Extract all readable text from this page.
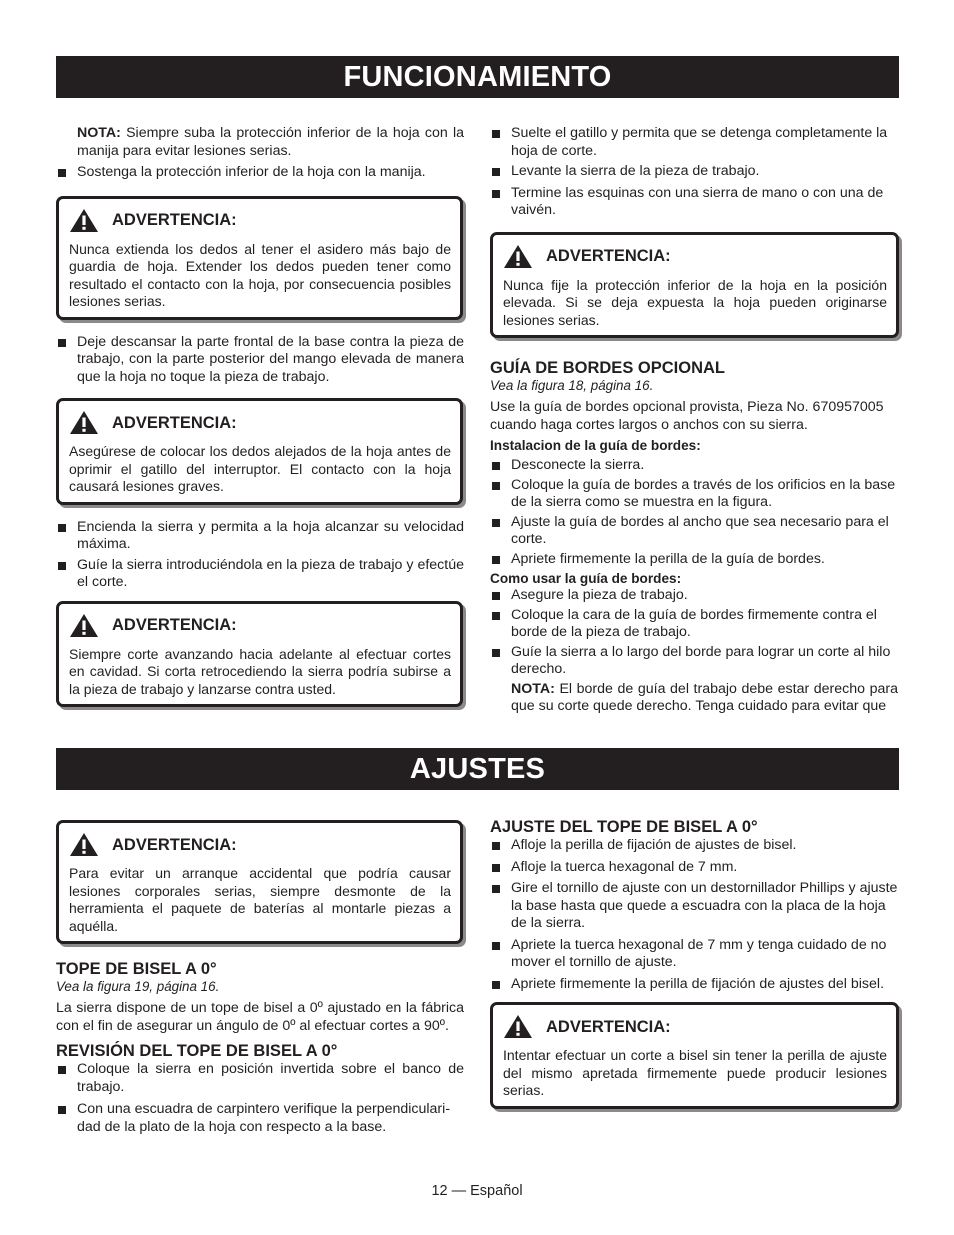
FUNCIONAMIENTO

NOTA: Siempre suba la protección inferior de la hoja con la manija para evitar lesiones serias.

Sostenga la protección inferior de la hoja con la manija.

ADVERTENCIA:

Nunca extienda los dedos al tener el asidero más bajo de guardia de hoja. Extender los dedos pueden tener como resultado el contacto con la hoja, por consecuencia posibles lesiones serias.

Deje descansar la parte frontal de la base contra la pieza de trabajo, con la parte posterior del mango elevada de manera que la hoja no toque la pieza de trabajo.

ADVERTENCIA:

Asegúrese de colocar los dedos alejados de la hoja antes de oprimir el gatillo del interruptor. El contacto con la hoja causará lesiones graves.

Encienda la sierra y permita a la hoja alcanzar su velocidad máxima.

Guíe la sierra introduciéndola en la pieza de trabajo y efectúe el corte.

ADVERTENCIA:

Siempre corte avanzando hacia adelante al efectuar cortes en cavidad. Si corta retrocediendo la sierra podría subirse a la pieza de trabajo y lanzarse contra usted.

Suelte el gatillo y permita que se detenga completamente la hoja de corte.

Levante la sierra de la pieza de trabajo.

Termine las esquinas con una sierra de mano o con una de vaivén.

ADVERTENCIA:

Nunca fije la protección inferior de la hoja en la posición elevada. Si se deja expuesta la hoja pueden originarse lesiones serias.

GUÍA DE BORDES OPCIONAL

Vea la figura 18, página 16.

Use la guía de bordes opcional provista, Pieza No. 670957005 cuando haga cortes largos o anchos con su sierra.

Instalacion de la guía de bordes:

Desconecte la sierra.

Coloque la guía de bordes a través de los orificios en la base de la sierra como se muestra en la figura.

Ajuste la guía de bordes al ancho que sea necesario para el corte.

Apriete firmemente la perilla de la guía de bordes.

Como usar la guía de bordes:

Asegure la pieza de trabajo.

Coloque la cara de la guía de bordes firmemente contra el borde de la pieza de trabajo.

Guíe la sierra a lo largo del borde para lograr un corte al hilo derecho.

NOTA: El borde de guía del trabajo debe estar derecho para que su corte quede derecho. Tenga cuidado para evitar que

AJUSTES
ADVERTENCIA:

Para evitar un arranque accidental que podría causar lesiones corporales serias, siempre desmonte de la herramienta el paquete de baterías al montarle piezas a aquélla.

TOPE DE BISEL A 0°

Vea la figura 19, página 16.

La sierra dispone de un tope de bisel a 0º ajustado en la fábrica con el fin de asegurar un ángulo de 0º al efectuar cortes a 90º.

REVISIÓN DEL TOPE DE BISEL A 0°

Coloque la sierra en posición invertida sobre el banco de trabajo.

Con una escuadra de carpintero verifique la perpendiculari-dad de la plato de la hoja con respecto a la base.

AJUSTE DEL TOPE DE BISEL A 0°

Afloje la perilla de fijación de ajustes de bisel.

Afloje la tuerca hexagonal de 7 mm.

Gire el tornillo de ajuste con un destornillador Phillips y ajuste la base hasta que quede a escuadra con la placa de la hoja de la sierra.

Apriete la tuerca hexagonal de 7 mm y tenga cuidado de no mover el tornillo de ajuste.

Apriete firmemente la perilla de fijación de ajustes del bisel.

ADVERTENCIA:

Intentar efectuar un corte a bisel sin tener la perilla de ajuste del mismo apretada firmemente puede producir lesiones serias.

12 — Español
